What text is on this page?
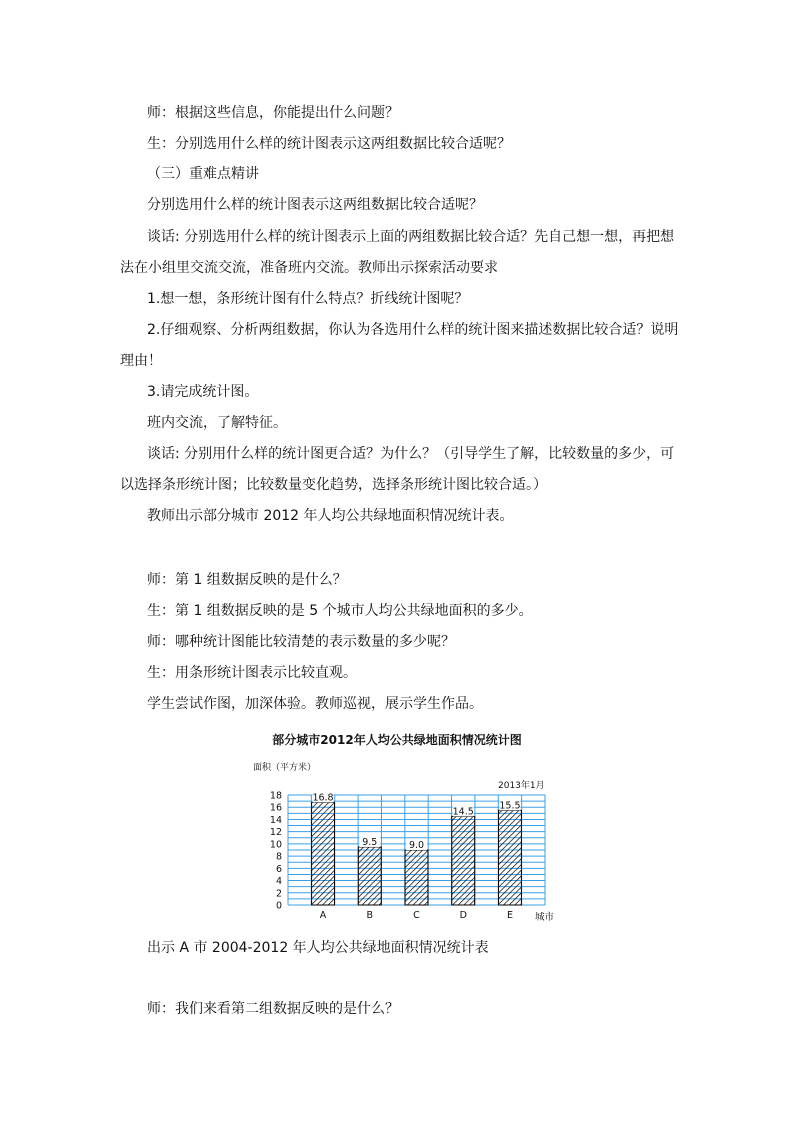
师：根据这些信息，你能提出什么问题？
生：分别选用什么样的统计图表示这两组数据比较合适呢？
（三）重难点精讲
分别选用什么样的统计图表示这两组数据比较合适呢？
谈话: 分别选用什么样的统计图表示上面的两组数据比较合适？先自己想一想，再把想
法在小组里交流交流，准备班内交流。教师出示探索活动要求
1.想一想，条形统计图有什么特点？折线统计图呢？
2.仔细观察、分析两组数据，你认为各选用什么样的统计图来描述数据比较合适？说明
理由！
3.请完成统计图。
班内交流，了解特征。
谈话: 分别用什么样的统计图更合适？为什么？（引导学生了解，比较数量的多少，可
以选择条形统计图；比较数量变化趋势，选择条形统计图比较合适。）
教师出示部分城市 2012 年人均公共绿地面积情况统计表。
师：第 1 组数据反映的是什么？
生：第 1 组数据反映的是 5 个城市人均公共绿地面积的多少。
师：哪种统计图能比较清楚的表示数量的多少呢？
生：用条形统计图表示比较直观。
学生尝试作图，加深体验。教师巡视，展示学生作品。
部分城市2012年人均公共绿地面积情况统计图
0
2
4
6
8
10
12
14
16
18
面积（平方米）
2013年1月
16.8
A
9.5
B
9.0
C
14.5
D
15.5
E 城市
出示 A 市 2004-2012 年人均公共绿地面积情况统计表
师：我们来看第二组数据反映的是什么？
